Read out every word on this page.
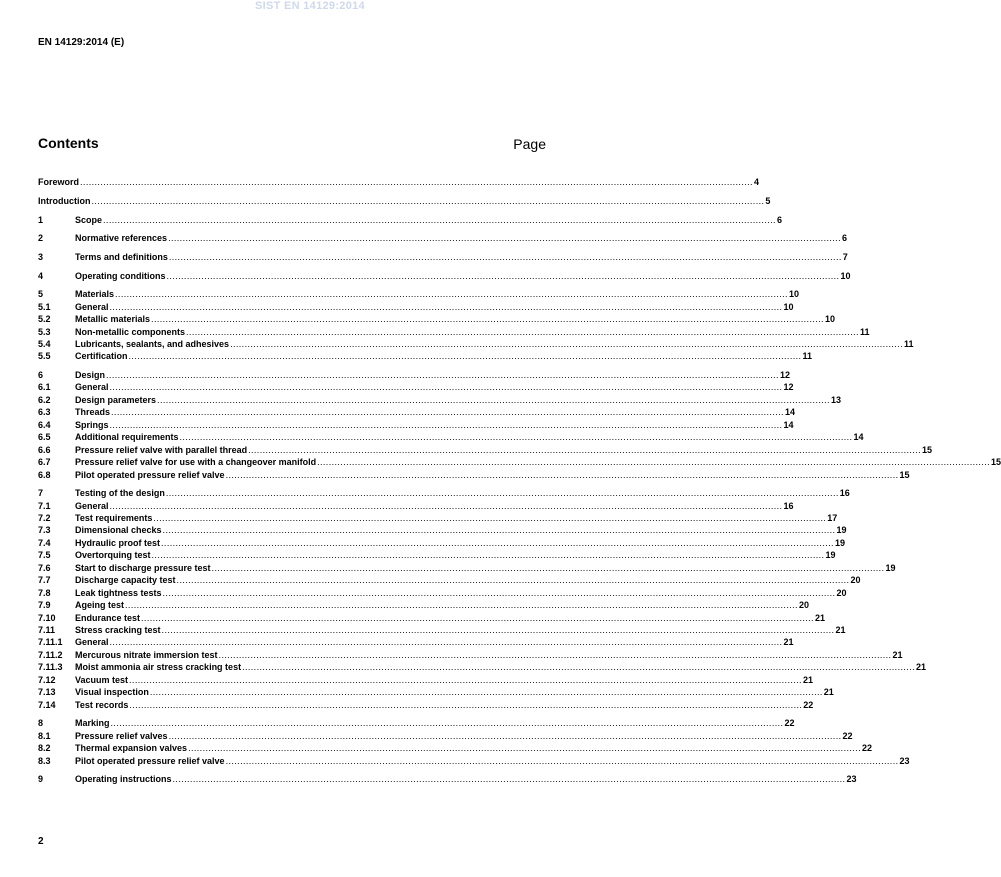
SIST EN 14129:2014
EN 14129:2014 (E)
Contents	Page
Foreword .....	4
Introduction .....	5
1	Scope .....	6
2	Normative references .....	6
3	Terms and definitions .....	7
4	Operating conditions .....	10
5	Materials .....	10
5.1	General .....	10
5.2	Metallic materials .....	10
5.3	Non-metallic components .....	11
5.4	Lubricants, sealants, and adhesives .....	11
5.5	Certification .....	11
6	Design .....	12
6.1	General .....	12
6.2	Design parameters .....	13
6.3	Threads .....	14
6.4	Springs .....	14
6.5	Additional requirements .....	14
6.6	Pressure relief valve with parallel thread .....	15
6.7	Pressure relief valve for use with a changeover manifold .....	15
6.8	Pilot operated pressure relief valve .....	15
7	Testing of the design .....	16
7.1	General .....	16
7.2	Test requirements .....	17
7.3	Dimensional checks .....	19
7.4	Hydraulic proof test .....	19
7.5	Overtorquing test .....	19
7.6	Start to discharge pressure test .....	19
7.7	Discharge capacity test .....	20
7.8	Leak tightness tests .....	20
7.9	Ageing test .....	20
7.10	Endurance test .....	21
7.11	Stress cracking test .....	21
7.11.1	General .....	21
7.11.2	Mercurous nitrate immersion test .....	21
7.11.3	Moist ammonia air stress cracking test .....	21
7.12	Vacuum test .....	21
7.13	Visual inspection .....	21
7.14	Test records .....	22
8	Marking .....	22
8.1	Pressure relief valves .....	22
8.2	Thermal expansion valves .....	22
8.3	Pilot operated pressure relief valve .....	23
9	Operating instructions .....	23
2
